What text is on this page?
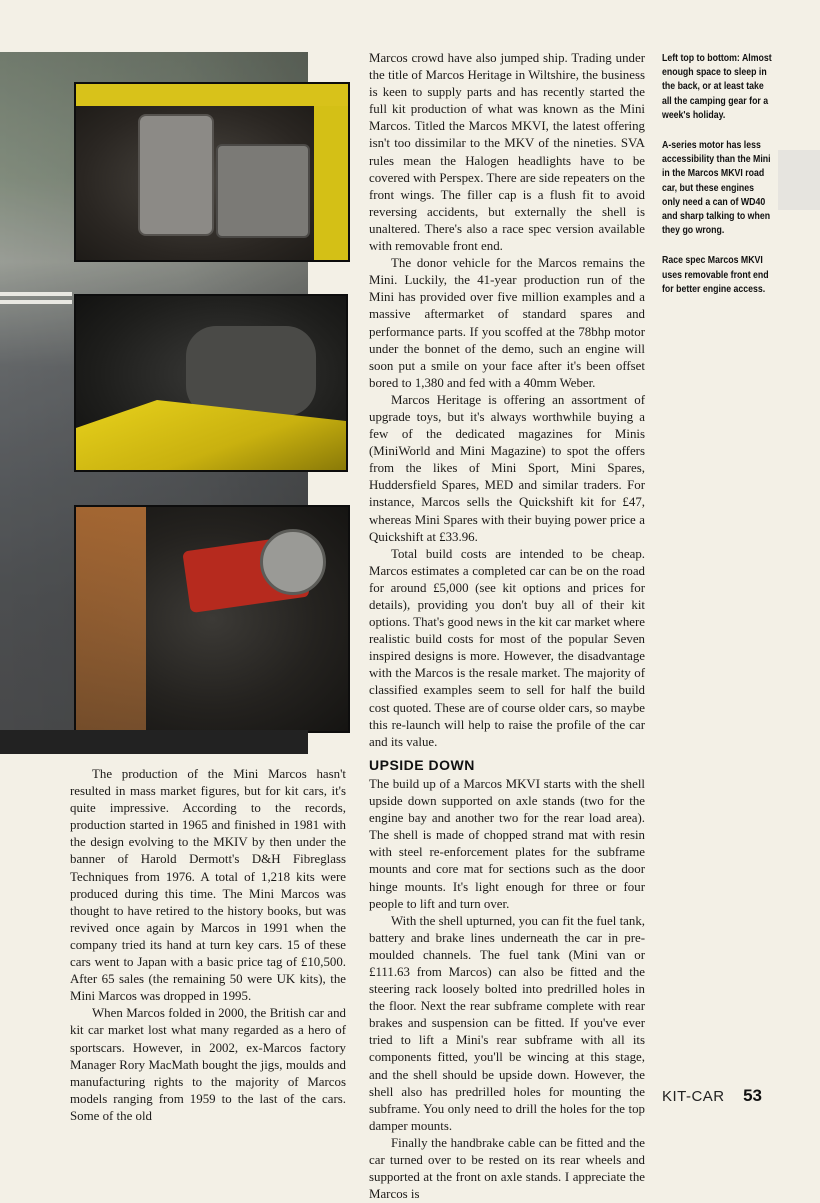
The production of the Mini Marcos hasn't resulted in mass market figures, but for kit cars, it's quite impressive. According to the records, production started in 1965 and finished in 1981 with the design evolving to the MKIV by then under the banner of Harold Dermott's D&H Fibreglass Techniques from 1976. A total of 1,218 kits were produced during this time. The Mini Marcos was thought to have retired to the history books, but was revived once again by Marcos in 1991 when the company tried its hand at turn key cars. 15 of these cars went to Japan with a basic price tag of £10,500. After 65 sales (the remaining 50 were UK kits), the Mini Marcos was dropped in 1995.

When Marcos folded in 2000, the British car and kit car market lost what many regarded as a hero of sportscars. However, in 2002, ex-Marcos factory Manager Rory MacMath bought the jigs, moulds and manufacturing rights to the majority of Marcos models ranging from 1959 to the last of the cars. Some of the old

Marcos crowd have also jumped ship. Trading under the title of Marcos Heritage in Wiltshire, the business is keen to supply parts and has recently started the full kit production of what was known as the Mini Marcos. Titled the Marcos MKVI, the latest offering isn't too dissimilar to the MKV of the nineties. SVA rules mean the Halogen headlights have to be covered with Perspex. There are side repeaters on the front wings. The filler cap is a flush fit to avoid reversing accidents, but externally the shell is unaltered. There's also a race spec version available with removable front end.

The donor vehicle for the Marcos remains the Mini. Luckily, the 41-year production run of the Mini has provided over five million examples and a massive aftermarket of standard spares and performance parts. If you scoffed at the 78bhp motor under the bonnet of the demo, such an engine will soon put a smile on your face after it's been offset bored to 1,380 and fed with a 40mm Weber.

Marcos Heritage is offering an assortment of upgrade toys, but it's always worthwhile buying a few of the dedicated magazines for Minis (MiniWorld and Mini Magazine) to spot the offers from the likes of Mini Sport, Mini Spares, Huddersfield Spares, MED and similar traders. For instance, Marcos sells the Quickshift kit for £47, whereas Mini Spares with their buying power price a Quickshift at £33.96.

Total build costs are intended to be cheap. Marcos estimates a completed car can be on the road for around £5,000 (see kit options and prices for details), providing you don't buy all of their kit options. That's good news in the kit car market where realistic build costs for most of the popular Seven inspired designs is more. However, the disadvantage with the Marcos is the resale market. The majority of classified examples seem to sell for half the build cost quoted. These are of course older cars, so maybe this re-launch will help to raise the profile of the car and its value.

UPSIDE DOWN

The build up of a Marcos MKVI starts with the shell upside down supported on axle stands (two for the engine bay and another two for the rear load area). The shell is made of chopped strand mat with resin with steel re-enforcement plates for the subframe mounts and core mat for sections such as the door hinge mounts. It's light enough for three or four people to lift and turn over.

With the shell upturned, you can fit the fuel tank, battery and brake lines underneath the car in pre-moulded channels. The fuel tank (Mini van or £111.63 from Marcos) can also be fitted and the steering rack loosely bolted into predrilled holes in the floor. Next the rear subframe complete with rear brakes and suspension can be fitted. If you've ever tried to lift a Mini's rear subframe with all its components fitted, you'll be wincing at this stage, and the shell should be upside down. However, the shell also has predrilled holes for mounting the subframe. You only need to drill the holes for the top damper mounts.

Finally the handbrake cable can be fitted and the car turned over to be rested on its rear wheels and supported at the front on axle stands. I appreciate the Marcos is

Left top to bottom: Almost enough space to sleep in the back, or at least take all the camping gear for a week's holiday.

A-series motor has less accessibility than the Mini in the Marcos MKVI road car, but these engines only need a can of WD40 and sharp talking to when they go wrong.

Race spec Marcos MKVI uses removable front end for better engine access.

KIT-CAR 53
